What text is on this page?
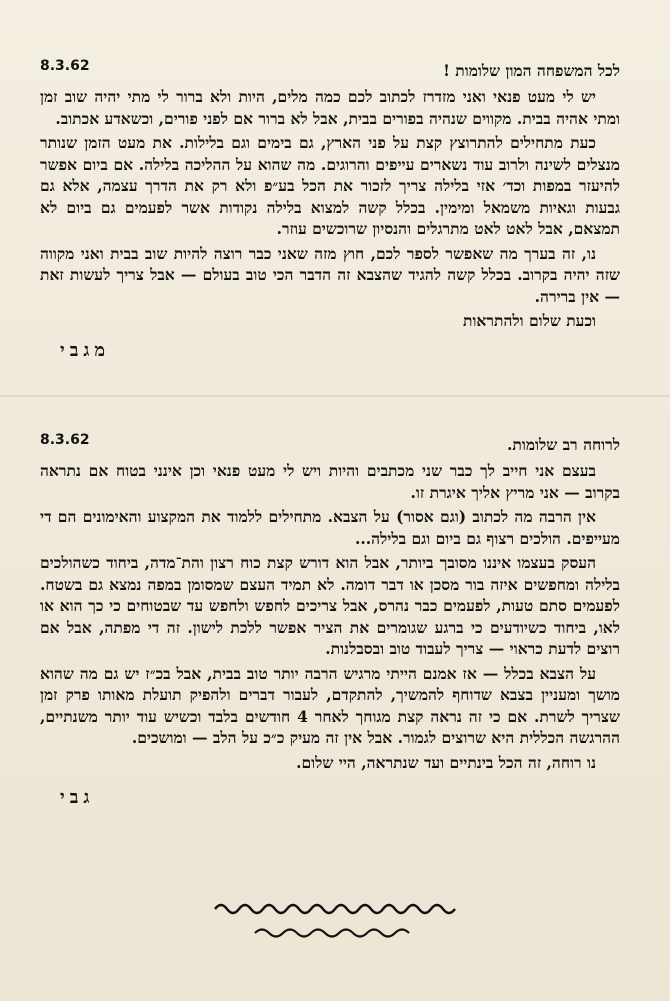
לכל המשפחה המון שלומות !
8.3.62

יש לי מעט פנאי ואני מזדרז לכתוב לכם כמה מלים, היות ולא ברור לי מתי יהיה שוב זמן ומתי אהיה בבית. מקווים שנהיה בפורים בבית, אבל לא ברור אם לפני פורים, וכשאדע אכתוב.

כעת מתחילים להתרוצץ קצת על פני הארץ, גם בימים וגם בלילות. את מעט הזמן שנותר מנצלים לשינה ולרוב עוד נשארים עייפים והרוגים. מה שהוא על ההליכה בלילה. אם ביום אפשר להיעזר במפות וכד׳ אזי בלילה צריך לזכור את הכל בע״פ ולא רק את הדרך עצמה, אלא גם גבעות וגאיות משמאל ומימין. בכלל קשה למצוא בלילה נקודות אשר לפעמים גם ביום לא תמצאם, אבל לאט לאט מתרגלים והנסיון שרוכשים עוזר.

נו, זה בערך מה שאפשר לספר לכם, חוץ מזה שאני כבר רוצה להיות שוב בבית ואני מקווה שזה יהיה בקרוב. בכלל קשה להגיד שהצבא זה הדבר הכי טוב בעולם — אבל צריך לעשות זאת — אין ברירה.

וכעת שלום ולהתראות
מגבי
לרוחה רב שלומות.
8.3.62

בעצם אני חייב לך כבר שני מכתבים והיות ויש לי מעט פנאי וכן אינני בטוח אם נתראה בקרוב — אני מריץ אליך איגרת זו.

אין הרבה מה לכתוב (וגם אסור) על הצבא. מתחילים ללמוד את המקצוע והאימונים הם די מעייפים. הולכים רצוף גם ביום וגם בלילה...

העסק בעצמו איננו מסובך ביותר, אבל הוא דורש קצת כוח רצון והת־מדה, ביחוד כשהולכים בלילה ומחפשים איזה בור מסכן או דבר דומה. לא תמיד העצם שמסומן במפה נמצא גם בשטח. לפעמים סתם טעות, לפעמים כבר נהרס, אבל צריכים לחפש ולחפש עד שבטוחים כי כך הוא או לאו, ביחוד כשיודעים כי ברגע שגומרים את הציר אפשר ללכת לישון. זה די מפתה, אבל אם רוצים לדעת כראוי — צריך לעבוד טוב ובסבלנות.

על הצבא בכלל — אז אמנם הייתי מרגיש הרבה יותר טוב בבית, אבל בכ״ז יש גם מה שהוא מושך ומעניין בצבא שדוחף להמשיך, להתקדם, לעבור דברים ולהפיק תועלת מאותו פרק זמן שצריך לשרת. אם כי זה נראה קצת מגוחך לאחר 4 חודשים בלבד וכשיש עוד יותר משנתיים, ההרגשה הכללית היא שרוצים לגמור. אבל אין זה מעיק כ״כ על הלב — ומושכים.

נו רוחה, זה הכל בינתיים ועד שנתראה, היי שלום.
גבי
